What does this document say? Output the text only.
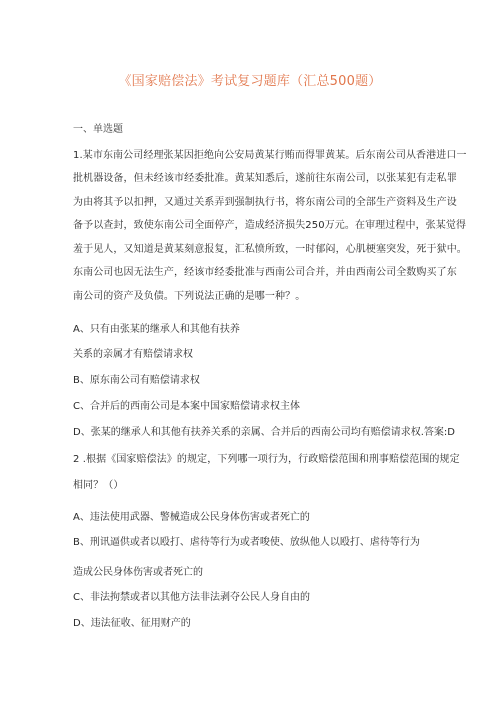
《国家赔偿法》考试复习题库（汇总500题）
一、单选题
1.某市东南公司经理张某因拒绝向公安局黄某行贿而得罪黄某。后东南公司从香港进口一
批机器设备，但未经该市经委批准。黄某知悉后，遂前往东南公司，以张某犯有走私罪
为由将其予以扣押，又通过关系弄到强制执行书，将东南公司的全部生产资料及生产设
备予以查封，致使东南公司全面停产，造成经济损失250万元。在审理过程中，张某觉得
羞于见人，又知道是黄某刻意报复，汇私愤所致，一时郁闷，心肌梗塞突发，死于狱中。
东南公司也因无法生产，经该市经委批准与西南公司合并，并由西南公司全数购买了东
南公司的资产及负债。下列说法正确的是哪一种？。
A、只有由张某的继承人和其他有扶养
关系的亲属才有赔偿请求权
B、原东南公司有赔偿请求权
C、合并后的西南公司是本案中国家赔偿请求权主体
D、张某的继承人和其他有扶养关系的亲属、合并后的西南公司均有赔偿请求权.答案:D
2 .根据《国家赔偿法》的规定，下列哪一项行为，行政赔偿范围和刑事赔偿范围的规定
相同？（）
A、违法使用武器、警械造成公民身体伤害或者死亡的
B、刑讯逼供或者以殴打、虐待等行为或者唆使、放纵他人以殴打、虐待等行为
造成公民身体伤害或者死亡的
C、非法拘禁或者以其他方法非法剥夺公民人身自由的
D、违法征收、征用财产的
